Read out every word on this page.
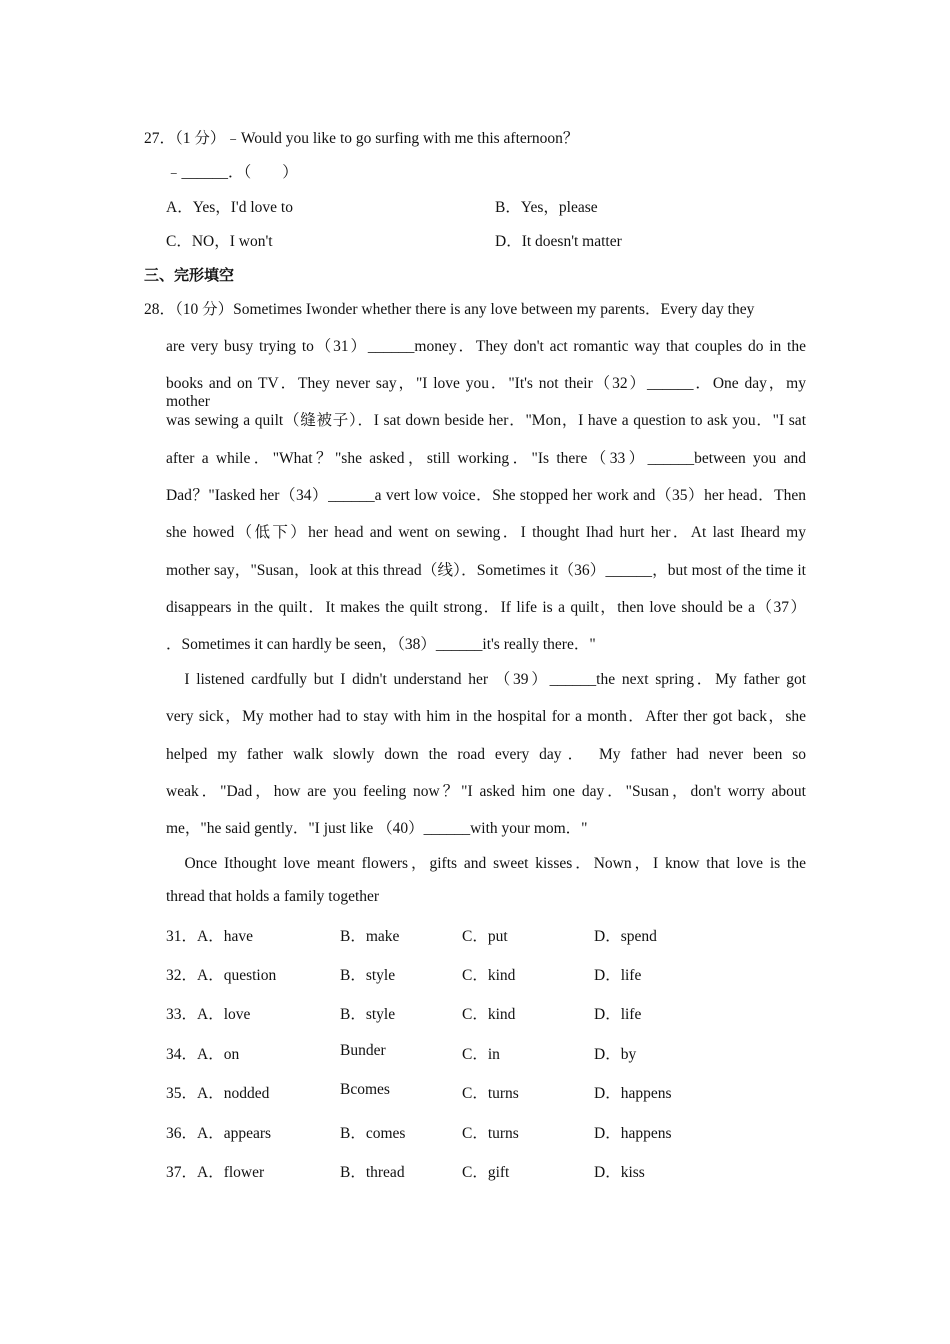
27．（1 分）﹣Would you like to go surfing with me this afternoon？
﹣______．（　　）
A．Yes，I'd love to	B．Yes，please
C．NO，I won't	D．It doesn't matter
三、完形填空
28．（10 分）Sometimes Iwonder whether there is any love between my parents．Every day they
are very busy trying to（31）______money．They don't act romantic way that couples do in the
books and on TV．They never say，"I love you．"It's not their（32）______．One day，my mother
was sewing a quilt（缝被子）．I sat down beside her．"Mon，I have a question to ask you．"I sat
after a while．"What？"she asked，still working．"Is there（33）______between you and
Dad？"Iasked her（34）______a vert low voice．She stopped her work and（35）her head．Then
she howed（低下）her head and went on sewing．I thought Ihad hurt her．At last Iheard my
mother say，"Susan，look at this thread（线）．Sometimes it（36）______，but most of the time it
disappears in the quilt．It makes the quilt strong．If life is a quilt，then love should be a（37）
．Sometimes it can hardly be seen，（38）______it's really there．"
　I listened cardfully but I didn't understand her （39）______the next spring．My father got
very sick，My mother had to stay with him in the hospital for a month．After ther got back，she
helped my father walk slowly down the road every day． My father had never been so
weak．"Dad，how are you feeling now？"I asked him one day．"Susan，don't worry about
me，"he said gently．"I just like （40）______with your mom．"
　Once Ithought love meant flowers，gifts and sweet kisses．Nown，I know that love is the
thread that holds a family together
31．A．have	B．make	C．put	D．spend
32．A．question	B．style	C．kind	D．life
33．A．love	B．style	C．kind	D．life
34．A．on	Bunder	C．in	D．by
35．A．nodded	Bcomes	C．turns	D．happens
36．A．appears	B．comes	C．turns	D．happens
37．A．flower	B．thread	C．gift	D．kiss
